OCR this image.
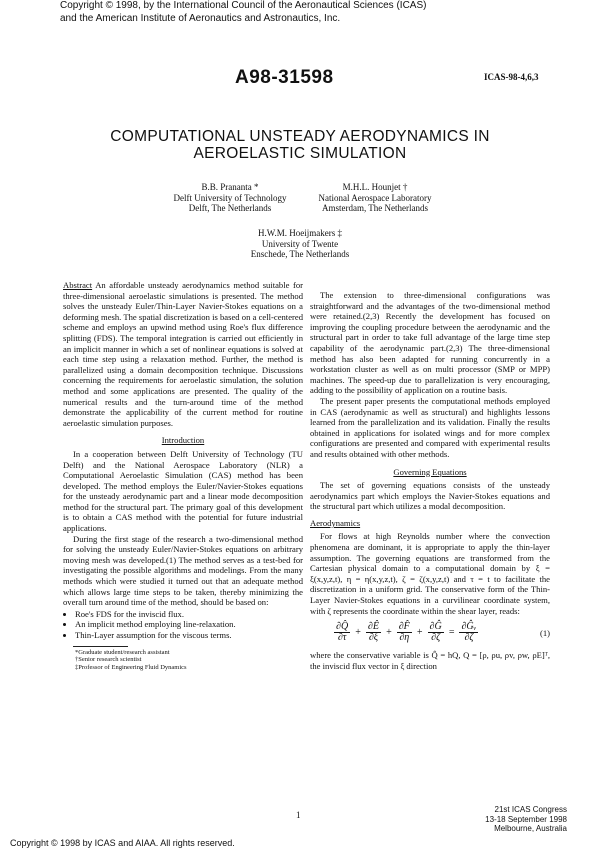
Copyright © 1998, by the International Council of the Aeronautical Sciences (ICAS)
and the American Institute of Aeronautics and Astronautics, Inc.
A98-31598	ICAS-98-4,6,3
COMPUTATIONAL UNSTEADY AERODYNAMICS IN
AEROELASTIC SIMULATION
B.B. Prananta *
Delft University of Technology
Delft, The Netherlands
M.H.L. Hounjet †
National Aerospace Laboratory
Amsterdam, The Netherlands
H.W.M. Hoeijmakers ‡
University of Twente
Enschede, The Netherlands

Abstract An affordable unsteady aerodynamics method suitable for three-dimensional aeroelastic simulations is presented. The method solves the unsteady Euler/Thin-Layer Navier-Stokes equations on a deforming mesh. The spatial discretization is based on a cell-centered scheme and employs an upwind method using Roe's flux difference splitting (FDS). The temporal integration is carried out efficiently in an implicit manner in which a set of nonlinear equations is solved at each time step using a relaxation method. Further, the method is parallelized using a domain decomposition technique. Discussions concerning the requirements for aeroelastic simulation, the solution method and some applications are presented. The quality of the numerical results and the turn-around time of the method demonstrate the applicability of the current method for routine aeroelastic simulation purposes.

Introduction

In a cooperation between Delft University of Technology (TU Delft) and the National Aerospace Laboratory (NLR) a Computational Aeroelastic Simulation (CAS) method has been developed. The method employs the Euler/Navier-Stokes equations for the unsteady aerodynamic part and a linear mode decomposition method for the structural part. The primary goal of this development is to obtain a CAS method with the potential for future industrial applications.

During the first stage of the research a two-dimensional method for solving the unsteady Euler/Navier-Stokes equations on arbitrary moving mesh was developed.(1) The method serves as a test-bed for investigating the possible algorithms and modelings. From the many methods which were studied it turned out that an adequate method which allows large time steps to be taken, thereby minimizing the overall turn around time of the method, should be based on:

• Roe's FDS for the inviscid flux.
• An implicit method employing line-relaxation.
• Thin-Layer assumption for the viscous terms.

*Graduate student/research assistant

†Senior research scientist

‡Professor of Engineering Fluid Dynamics

The extension to three-dimensional configurations was straightforward and the advantages of the two-dimensional method were retained.(2,3) Recently the development has focused on improving the coupling procedure between the aerodynamic and the structural part in order to take full advantage of the large time step capability of the aerodynamic part.(2,3) The three-dimensional method has also been adapted for running concurrently in a workstation cluster as well as on multi processor (SMP or MPP) machines. The speed-up due to parallelization is very encouraging, adding to the possibility of application on a routine basis.

The present paper presents the computational methods employed in CAS (aerodynamic as well as structural) and highlights lessons learned from the parallelization and its validation. Finally the results obtained in applications for isolated wings and for more complex configurations are presented and compared with experimental results and results obtained with other methods.

Governing Equations

The set of governing equations consists of the unsteady aerodynamics part which employs the Navier-Stokes equations and the structural part which utilizes a modal decomposition.

Aerodynamics

For flows at high Reynolds number where the convection phenomena are dominant, it is appropriate to apply the thin-layer assumption. The governing equations are transformed from the Cartesian physical domain to a computational domain by ξ = ξ(x,y,z,t), η = η(x,y,z,t), ζ = ζ(x,y,z,t) and τ = t to facilitate the discretization in a uniform grid. The conservative form of the Thin-Layer Navier-Stokes equations in a curvilinear coordinate system, with ζ represents the coordinate within the shear layer, reads:

$\frac{\partial Q̂}{\partial\tau} + \frac{\partial Ê}{\partial\xi} + \frac{\partial F̂}{\partial\eta} + \frac{\partial Ĝ}{\partial\zeta} = \frac{\text{∂Ĝᵥ}}{\partial\zeta}$	(1)

where the conservative variable is Q̂ = hQ, Q = [ρ, ρu, ρv, ρw, ρE]ᵀ, the inviscid flux vector in ξ direction

1
21st ICAS Congress
13-18 September 1998
Melbourne, Australia
Copyright © 1998 by ICAS and AIAA. All rights reserved.
